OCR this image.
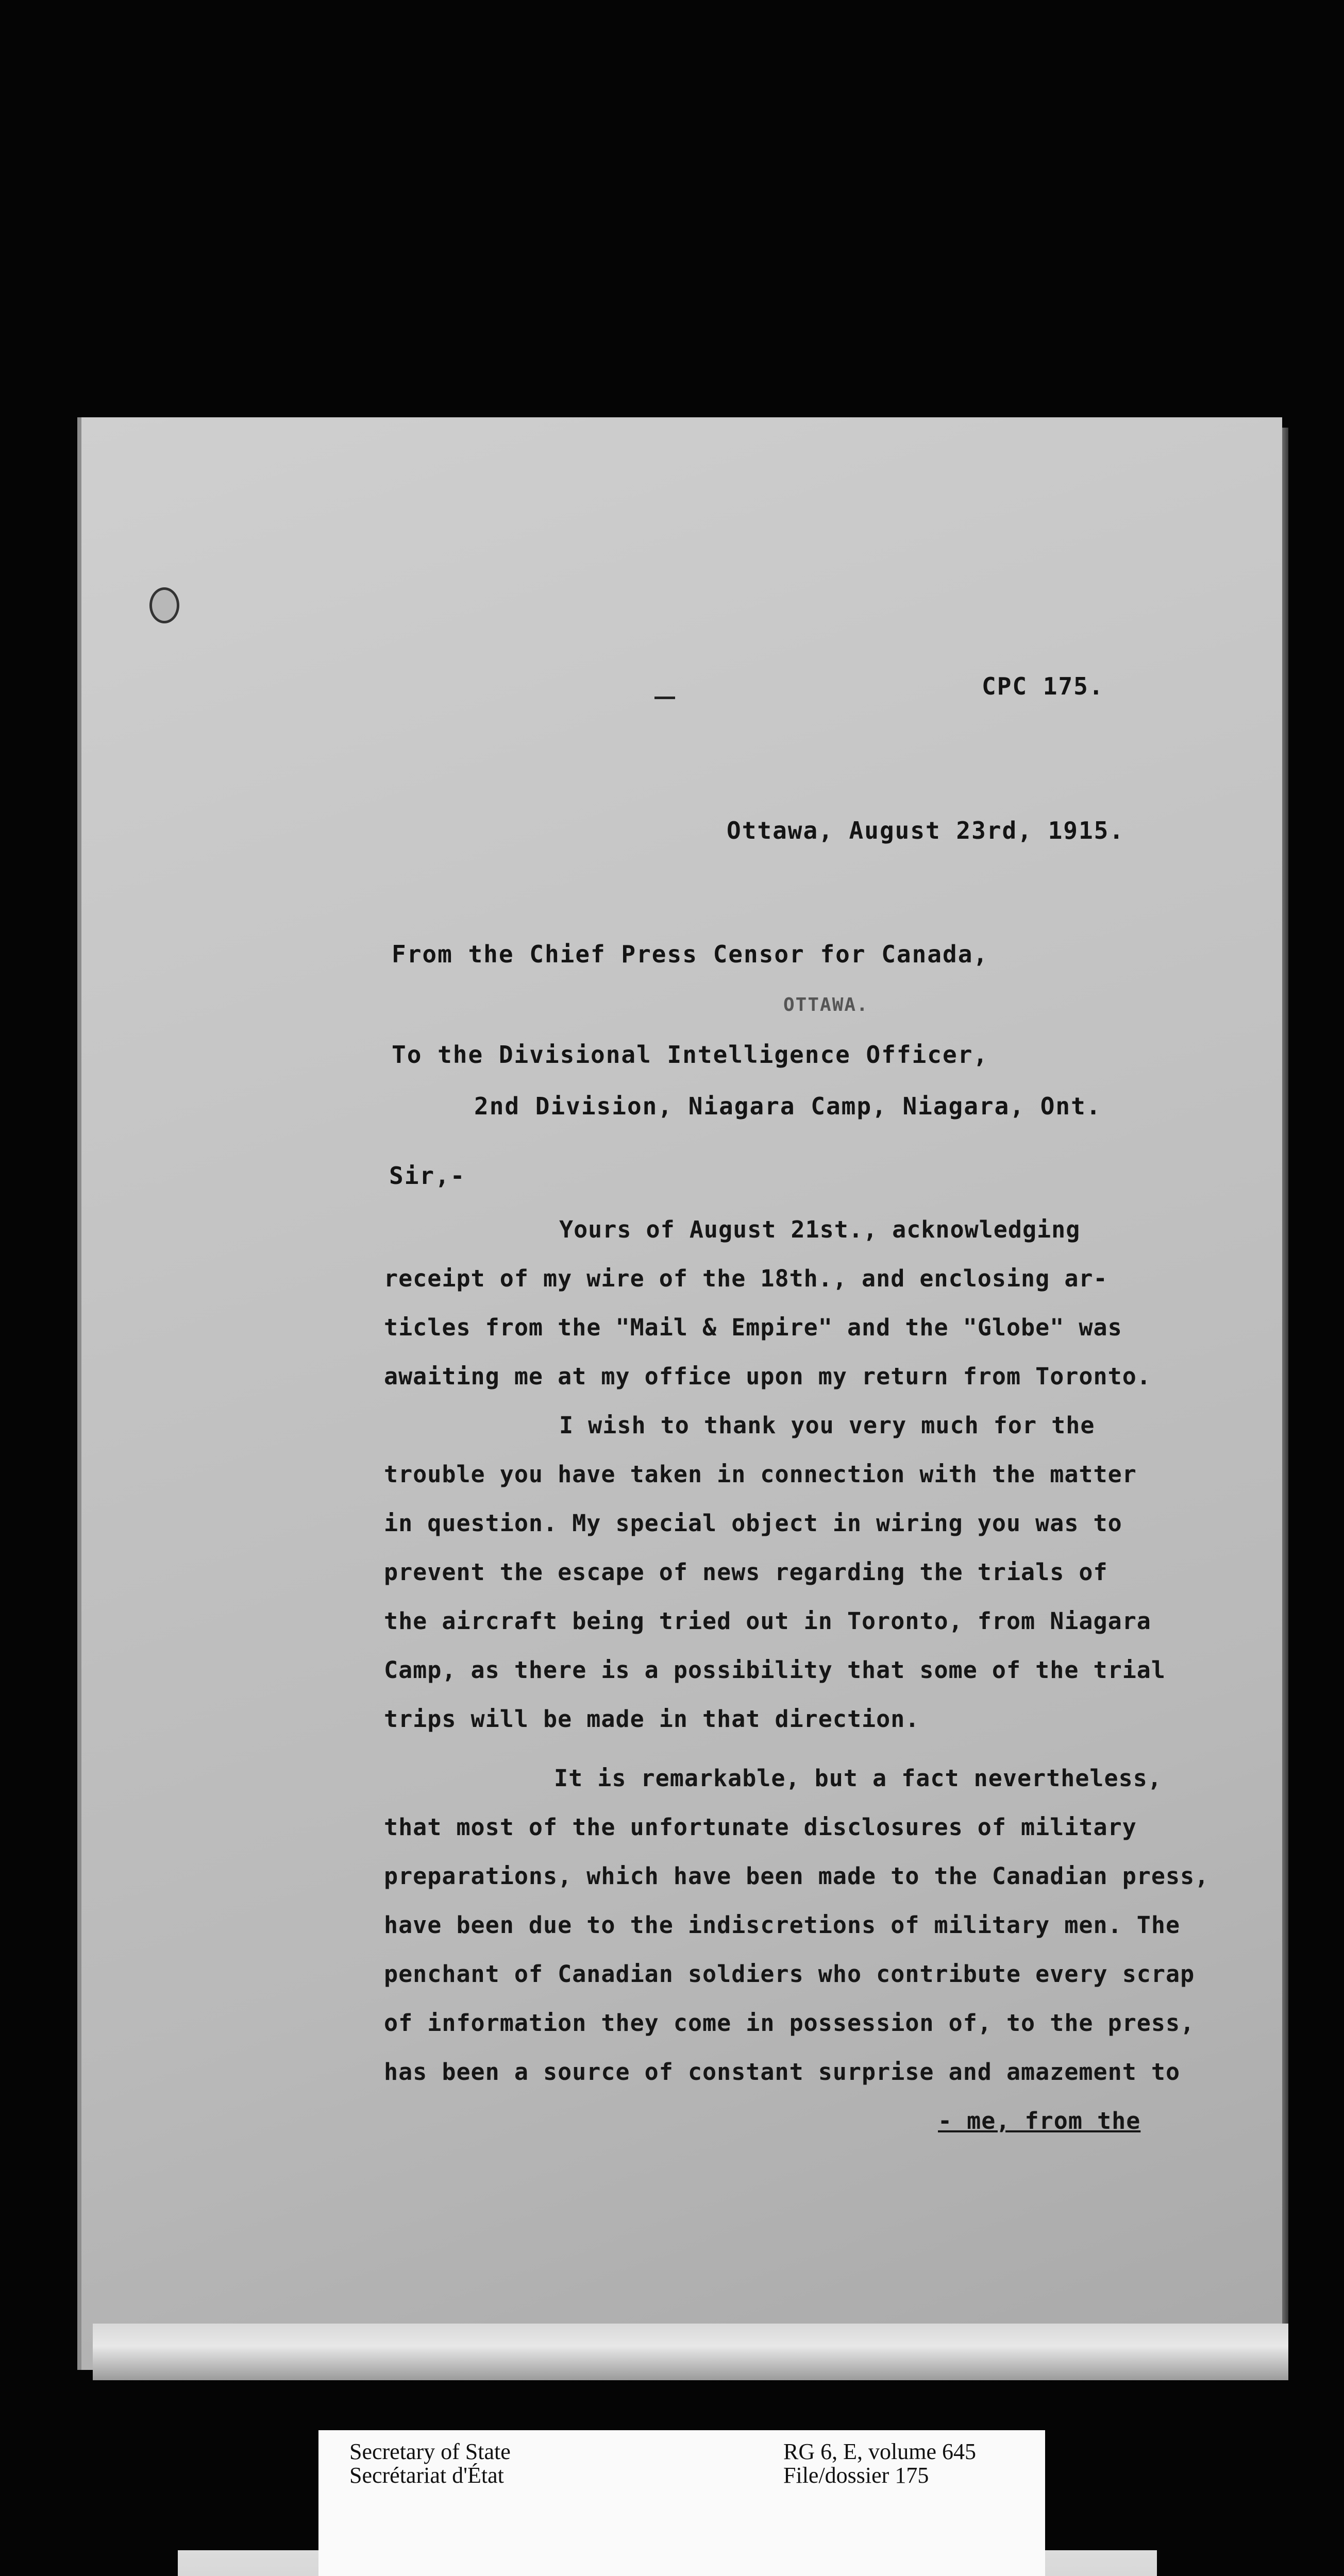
CPC 175.
Ottawa, August 23rd, 1915.
From the Chief Press Censor for Canada,
OTTAWA.
To the Divisional Intelligence Officer,
2nd Division, Niagara Camp, Niagara, Ont.
Sir,-
Yours of August 21st., acknowledging
receipt of my wire of the 18th., and enclosing ar-
ticles from the "Mail & Empire" and the "Globe" was
awaiting me at my office upon my return from Toronto.
I wish to thank you very much for the
trouble you have taken in connection with the matter
in question. My special object in wiring you was to
prevent the escape of news regarding the trials of
the aircraft being tried out in Toronto, from Niagara
Camp, as there is a possibility that some of the trial
trips will be made in that direction.
It is remarkable, but a fact nevertheless,
that most of the unfortunate disclosures of military
preparations, which have been made to the Canadian press,
have been due to the indiscretions of military men. The
penchant of Canadian soldiers who contribute every scrap
of information they come in possession of, to the press,
has been a source of constant surprise and amazement to
- me, from the
Secretary of State
Secrétariat d'État
RG 6, E, volume 645
File/dossier 175
